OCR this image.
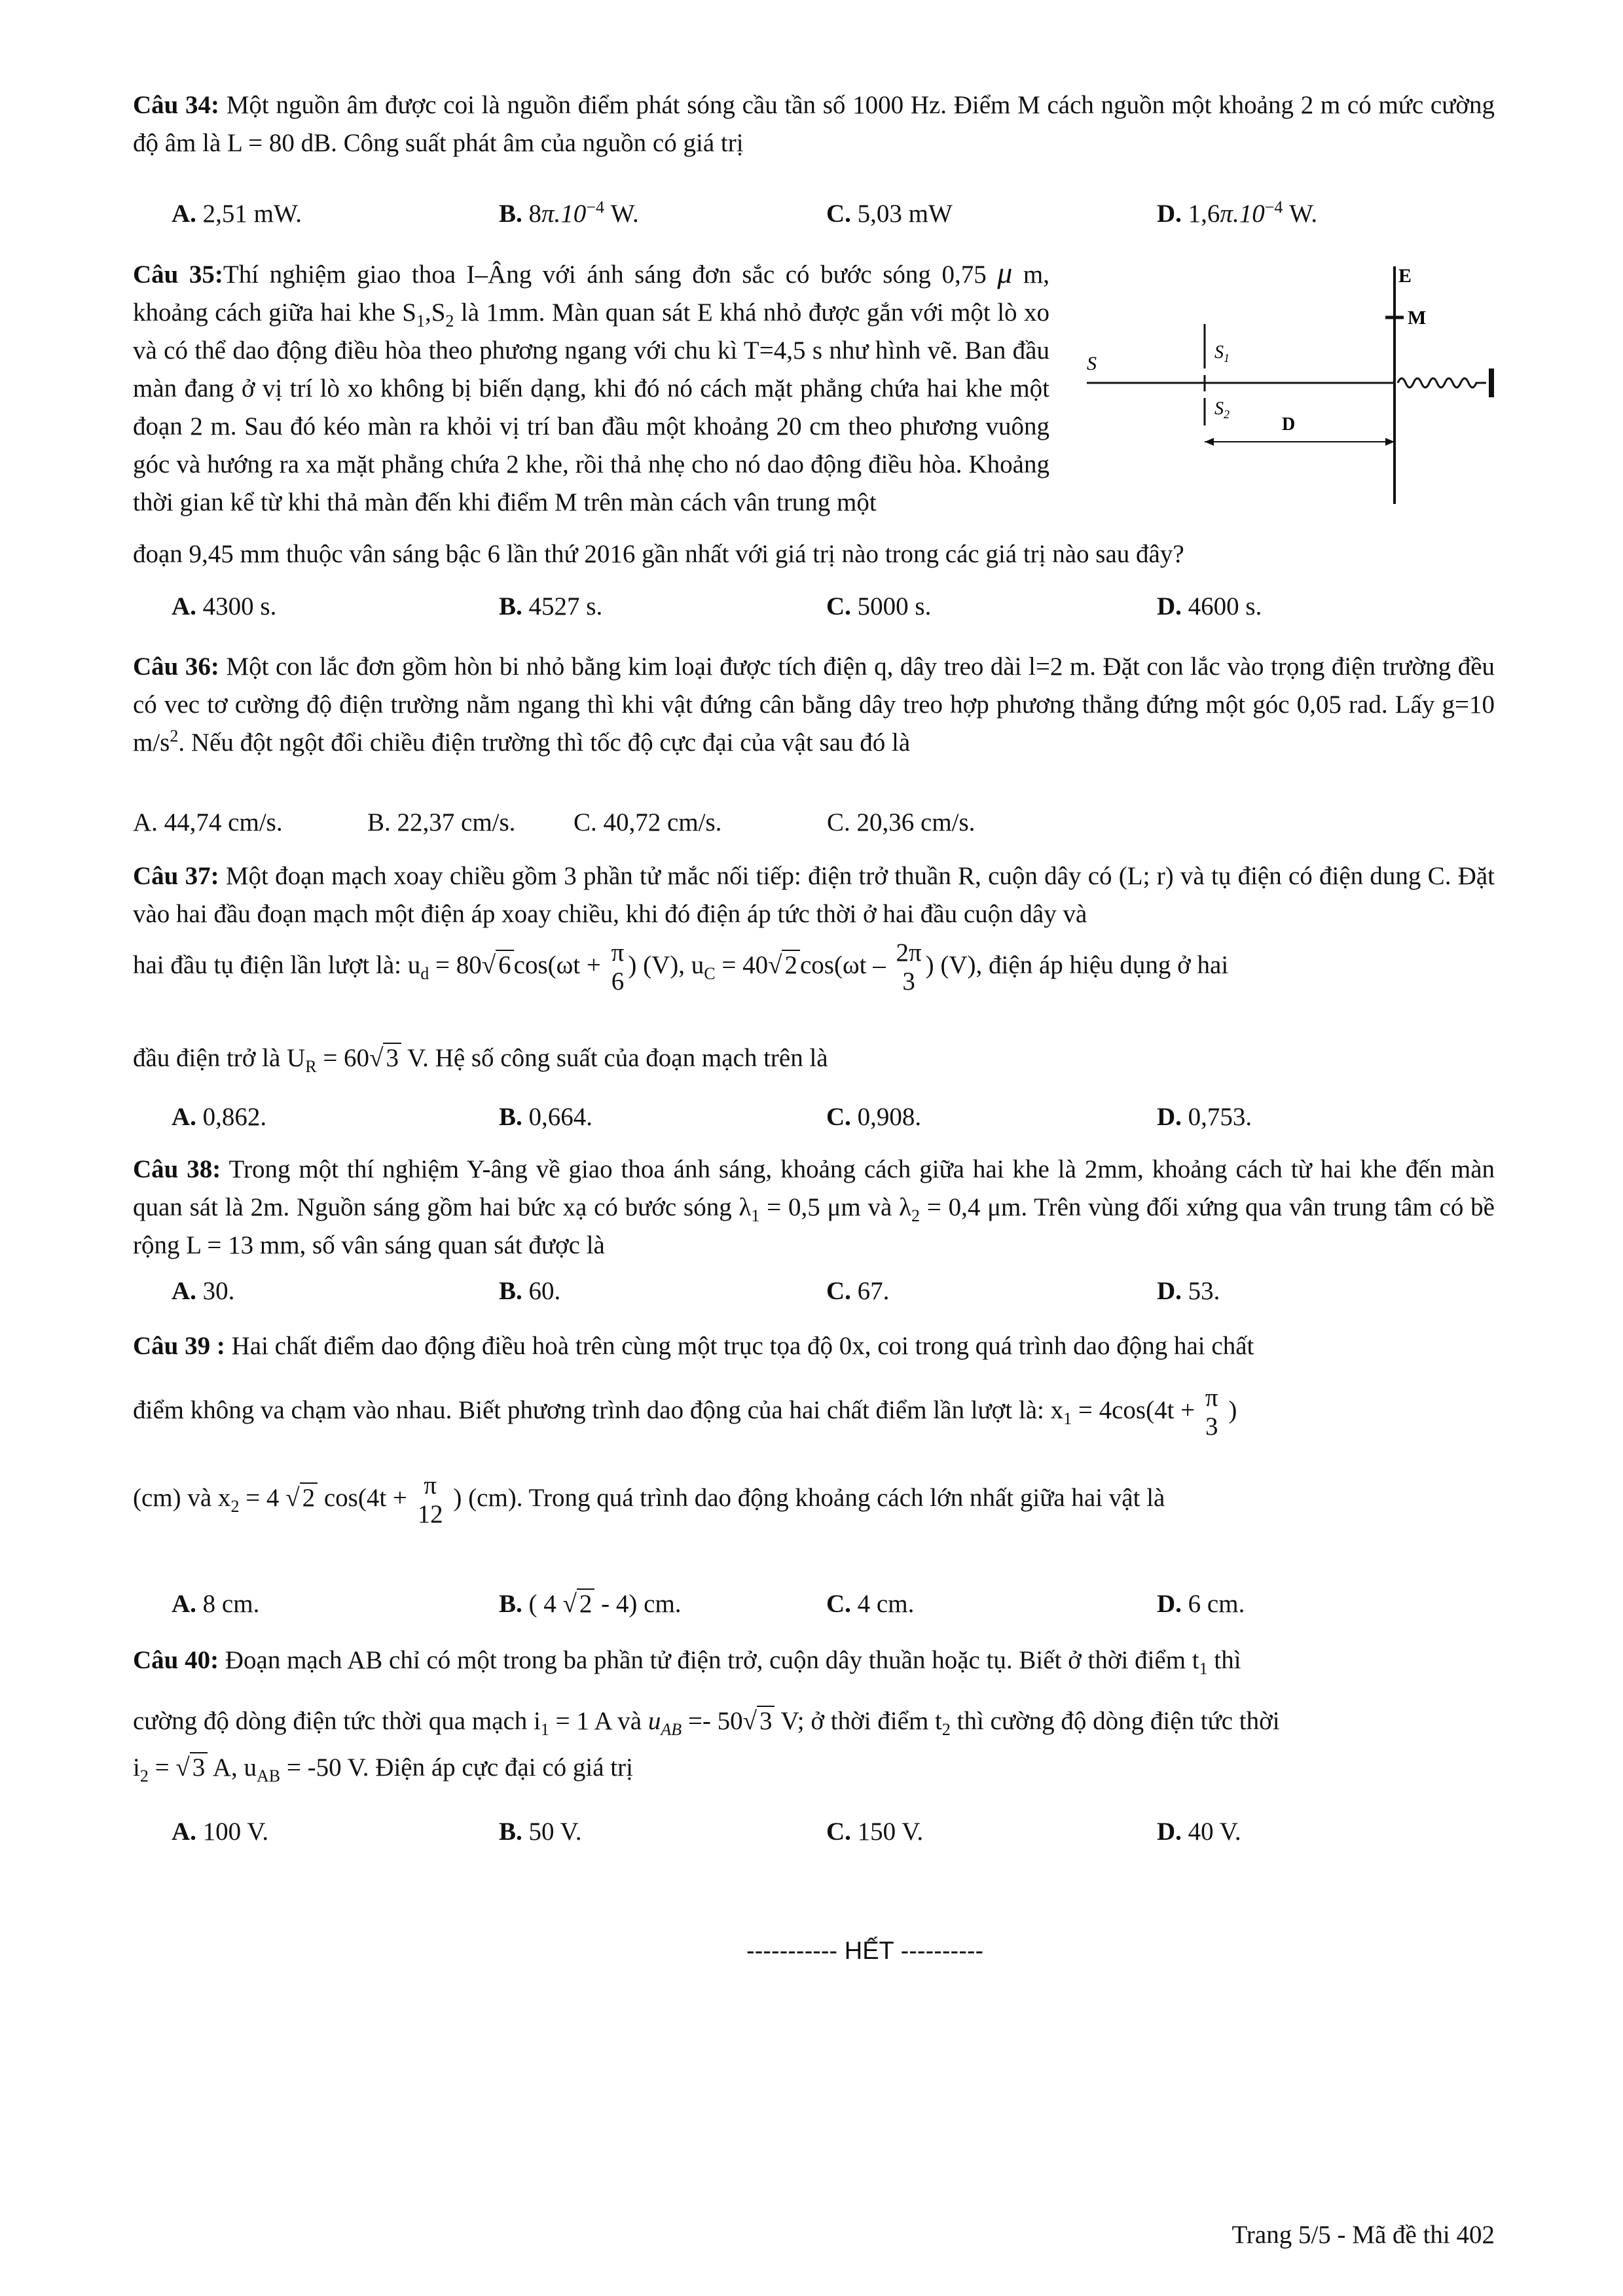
Câu 34: Một nguồn âm được coi là nguồn điểm phát sóng cầu tần số 1000 Hz. Điểm M cách nguồn một khoảng 2 m có mức cường độ âm là L = 80 dB. Công suất phát âm của nguồn có giá trị
A. 2,51 mW.	B. $8\pi.10^{-4}$ W.	C. 5,03 mW	D. $1,6\pi.10^{-4}$ W.
Câu 35:Thí nghiệm giao thoa I–Âng với ánh sáng đơn sắc có bước sóng 0,75 μ m, khoảng cách giữa hai khe $S_1,S_2$ là 1mm. Màn quan sát E khá nhỏ được gắn với một lò xo và có thể dao động điều hòa theo phương ngang với chu kì T=4,5 s như hình vẽ. Ban đầu màn đang ở vị trí lò xo không bị biến dạng, khi đó nó cách mặt phẳng chứa hai khe một đoạn 2 m. Sau đó kéo màn ra khỏi vị trí ban đầu một khoảng 20 cm theo phương vuông góc và hướng ra xa mặt phẳng chứa 2 khe, rồi thả nhẹ cho nó dao động điều hòa. Khoảng thời gian kể từ khi thả màn đến khi điểm M trên màn cách vân trung một
đoạn 9,45 mm thuộc vân sáng bậc 6 lần thứ 2016 gần nhất với giá trị nào trong các giá trị nào sau đây?
E
M
S
$S_1$
$S_2$	D
A. 4300 s.	B. 4527 s.	C. 5000 s.	D. 4600 s.
Câu 36: Một con lắc đơn gồm hòn bi nhỏ bằng kim loại được tích điện q, dây treo dài l=2 m. Đặt con lắc vào trọng điện trường đều có vec tơ cường độ điện trường nằm ngang thì khi vật đứng cân bằng dây treo hợp phương thẳng đứng một góc 0,05 rad. Lấy g=10 $m/s^2$. Nếu đột ngột đổi chiều điện trường thì tốc độ cực đại của vật sau đó là
A. 44,74 cm/s.	B. 22,37 cm/s. C. 40,72 cm/s.	C. 20,36 cm/s.
Câu 37: Một đoạn mạch xoay chiều gồm 3 phần tử mắc nối tiếp: điện trở thuần R, cuộn dây có (L; r) và tụ điện có điện dung C. Đặt vào hai đầu đoạn mạch một điện áp xoay chiều, khi đó điện áp tức thời ở hai đầu cuộn dây và
hai đầu tụ điện lần lượt là: $u_d = 80√$ 6 cos(ωt + π
6
) (V), $u_C = 40√$ 2 cos(ωt – 2π
3
) (V), điện áp hiệu dụng ở hai
đầu điện trở là $U_R = 60√$ 3 V. Hệ số công suất của đoạn mạch trên là
A. 0,862.	B. 0,664.	C. 0,908.	D. 0,753.
Câu 38: Trong một thí nghiệm Y-âng về giao thoa ánh sáng, khoảng cách giữa hai khe là 2mm, khoảng cách từ hai khe đến màn quan sát là 2m. Nguồn sáng gồm hai bức xạ có bước sóng $\lambda_1 = 0,5$ μm và $\lambda_2 = 0,4$ μm. Trên vùng đối xứng qua vân trung tâm có bề rộng L = 13 mm, số vân sáng quan sát được là
A. 30.	B. 60.	C. 67.	D. 53.
Câu 39 : Hai chất điểm dao động điều hoà trên cùng một trục tọa độ 0x, coi trong quá trình dao động hai chất
điểm không va chạm vào nhau. Biết phương trình dao động của hai chất điểm lần lượt là: $x_1 = 4\cos(4t + \pi$
3
)
(cm) và $x_2 = 4$ √ 2 cos(4t + π
12
) (cm). Trong quá trình dao động khoảng cách lớn nhất giữa hai vật là
A. 8 cm.	B. ( 4 √ 2 - 4) cm.	C. 4 cm.	D. 6 cm.
Câu 40: Đoạn mạch AB chỉ có một trong ba phần tử điện trở, cuộn dây thuần hoặc tụ. Biết ở thời điểm $t_1$ thì
cường độ dòng điện tức thời qua mạch $i_1 = 1$ A và $u_{AB} =- 50√$ 3 V; ở thời điểm $t_2$ thì cường độ dòng điện tức thời
$i_2$ = √ 3 A, $u_{AB} = -50$ V. Điện áp cực đại có giá trị
A. 100 V.	B. 50 V.	C. 150 V.	D. 40 V.
----------- HẾT ----------
Trang 5/5 - Mã đề thi 402
